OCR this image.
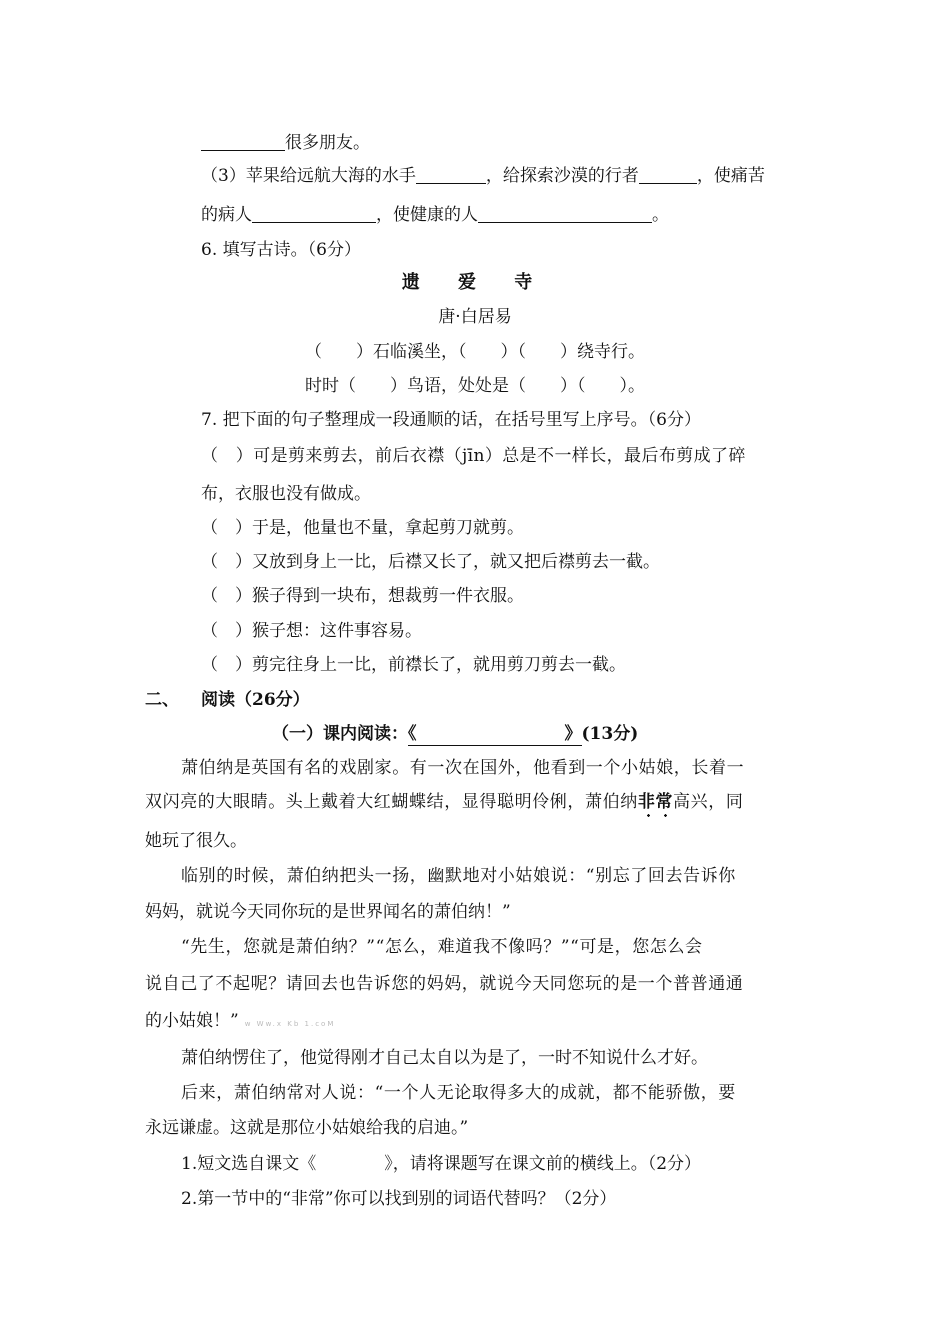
很多朋友。
（3）苹果给远航大海的水手	，给探索沙漠的行者	，使痛苦
的病人	，使健康的人	。
6. 填写古诗。（6分）
遗 爱 寺
唐·白居易
（　　）石临溪坐，（　　）（　　）绕寺行。
时时（　　）鸟语，处处是（　　）（　　）。
7. 把下面的句子整理成一段通顺的话，在括号里写上序号。（6分）
（　）可是剪来剪去，前后衣襟（jīn）总是不一样长，最后布剪成了碎
布，衣服也没有做成。
（　）于是，他量也不量，拿起剪刀就剪。
（　）又放到身上一比，后襟又长了，就又把后襟剪去一截。
（　）猴子得到一块布，想裁剪一件衣服。
（　）猴子想：这件事容易。
（　）剪完往身上一比，前襟长了，就用剪刀剪去一截。
二、 阅读（26分）
（一）课内阅读：《	》(13分)
萧伯纳是英国有名的戏剧家。有一次在国外，他看到一个小姑娘，长着一
双闪亮的大眼睛。头上戴着大红蝴蝶结，显得聪明伶俐，萧伯纳非常高兴，同
她玩了很久。
临别的时候，萧伯纳把头一扬，幽默地对小姑娘说：“别忘了回去告诉你
妈妈，就说今天同你玩的是世界闻名的萧伯纳！”
“先生，您就是萧伯纳？”“怎么，难道我不像吗？”“可是，您怎么会
说自己了不起呢？请回去也告诉您的妈妈，就说今天同您玩的是一个普普通通
的小姑娘！” w Ww.x Kb 1.coM
萧伯纳愣住了，他觉得刚才自己太自以为是了，一时不知说什么才好。
后来，萧伯纳常对人说：“一个人无论取得多大的成就，都不能骄傲，要
永远谦虚。这就是那位小姑娘给我的启迪。”
1.短文选自课文《　　　　》，请将课题写在课文前的横线上。（2分）
2.第一节中的“非常”你可以找到别的词语代替吗？（2分）
